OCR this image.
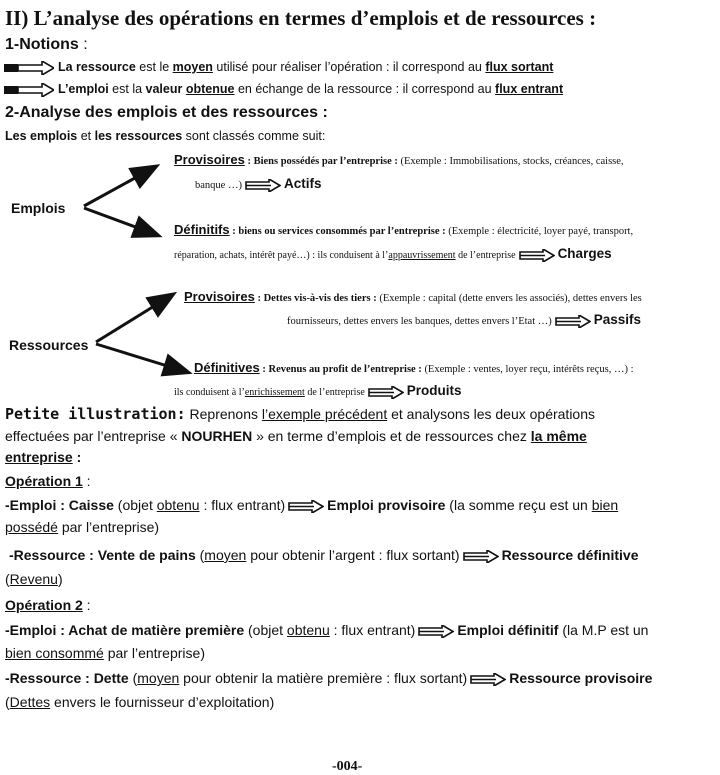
II) L’analyse des opérations en termes d’emplois et de ressources :
1-Notions :
La ressource est le moyen utilisé pour réaliser l’opération : il correspond au flux sortant
L’emploi est la valeur obtenue en échange de la ressource : il correspond au flux entrant
2-Analyse des emplois et des ressources :
Les emplois et les ressources sont classés comme suit:
Emplois
Provisoires : Biens possédés par l’entreprise : (Exemple : Immobilisations, stocks, créances, caisse,
banque …)	Actifs
Définitifs : biens ou services consommés par l’entreprise : (Exemple : électricité, loyer payé, transport,
réparation, achats, intérêt payé…) : ils conduisent à l’appauvrissement de l’entreprise	Charges
Ressources
Provisoires : Dettes vis-à-vis des tiers : (Exemple : capital (dette envers les associés), dettes envers les
fournisseurs, dettes envers les banques, dettes envers l’Etat …)	Passifs
Définitives : Revenus au profit de l’entreprise : (Exemple : ventes, loyer reçu, intérêts reçus, …) :
ils conduisent à l’enrichissement de l’entreprise	Produits
Petite illustration: Reprenons l’exemple précédent et analysons les deux opérations
effectuées par l’entreprise « NOURHEN » en terme d’emplois et de ressources chez la même
entreprise :
Opération 1 :
-Emploi : Caisse (objet obtenu : flux entrant)	Emploi provisoire (la somme reçu est un bien
possédé par l’entreprise)
-Ressource : Vente de pains (moyen pour obtenir l’argent : flux sortant)	Ressource définitive
(Revenu)
Opération 2 :
-Emploi : Achat de matière première (objet obtenu : flux entrant)	Emploi définitif (la M.P est un
bien consommé par l’entreprise)
-Ressource : Dette (moyen pour obtenir la matière première : flux sortant)	Ressource provisoire
(Dettes envers le fournisseur d’exploitation)
-004-
